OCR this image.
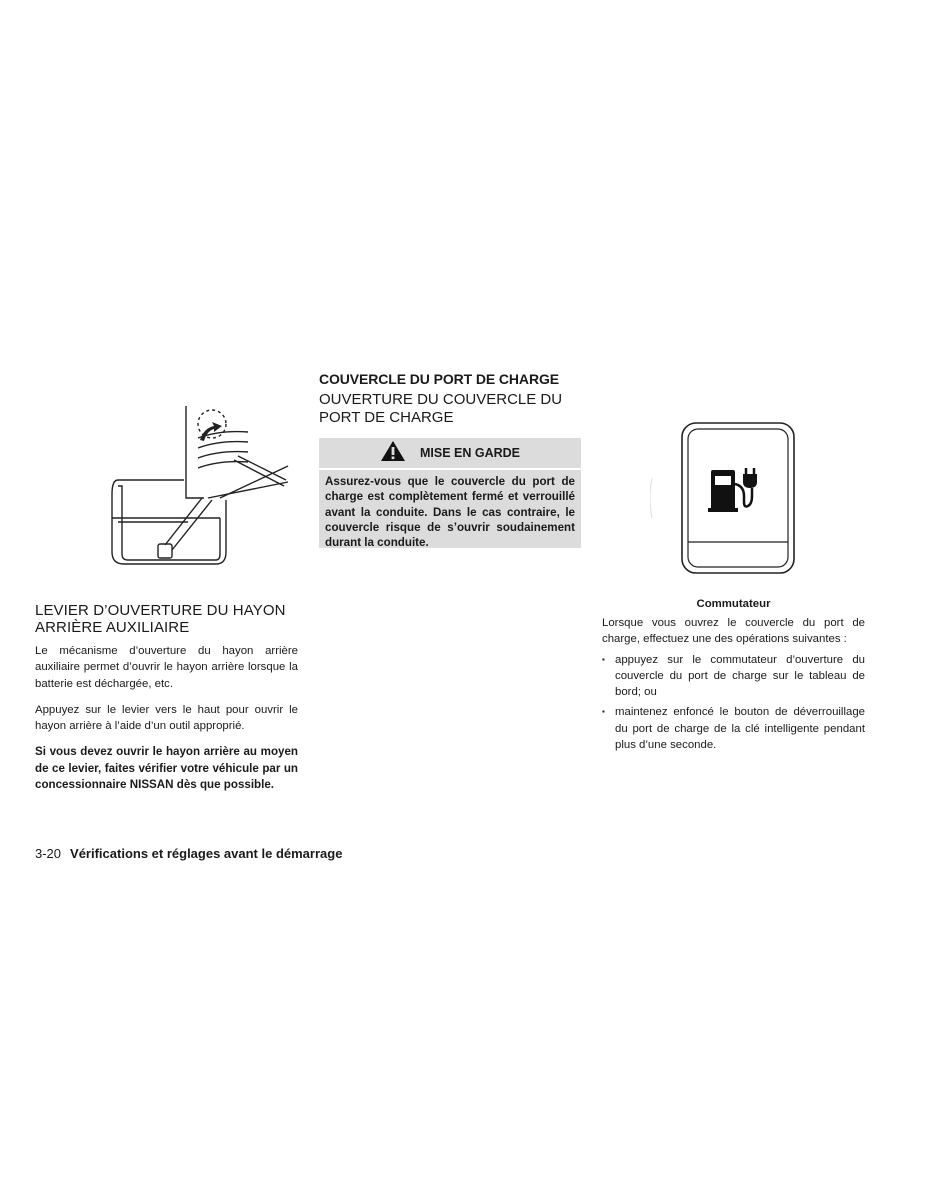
LEVIER D’OUVERTURE DU HAYON ARRIÈRE AUXILIAIRE

Le mécanisme d’ouverture du hayon arrière auxiliaire permet d’ouvrir le hayon arrière lorsque la batterie est déchargée, etc.

Appuyez sur le levier vers le haut pour ouvrir le hayon arrière à l’aide d’un outil approprié.

Si vous devez ouvrir le hayon arrière au moyen de ce levier, faites vérifier votre véhicule par un concessionnaire NISSAN dès que possible.

COUVERCLE DU PORT DE CHARGE
OUVERTURE DU COUVERCLE DU PORT DE CHARGE
MISE EN GARDE
Assurez-vous que le couvercle du port de charge est complètement fermé et verrouillé avant la conduite. Dans le cas contraire, le couvercle risque de s’ouvrir soudainement durant la conduite.
Commutateur

Lorsque vous ouvrez le couvercle du port de charge, effectuez une des opérations suivantes :

▪ appuyez sur le commutateur d’ouverture du couvercle du port de charge sur le tableau de bord; ou
▪ maintenez enfoncé le bouton de déverrouillage du port de charge de la clé intelligente pendant plus d’une seconde.
3-20 Vérifications et réglages avant le démarrage
